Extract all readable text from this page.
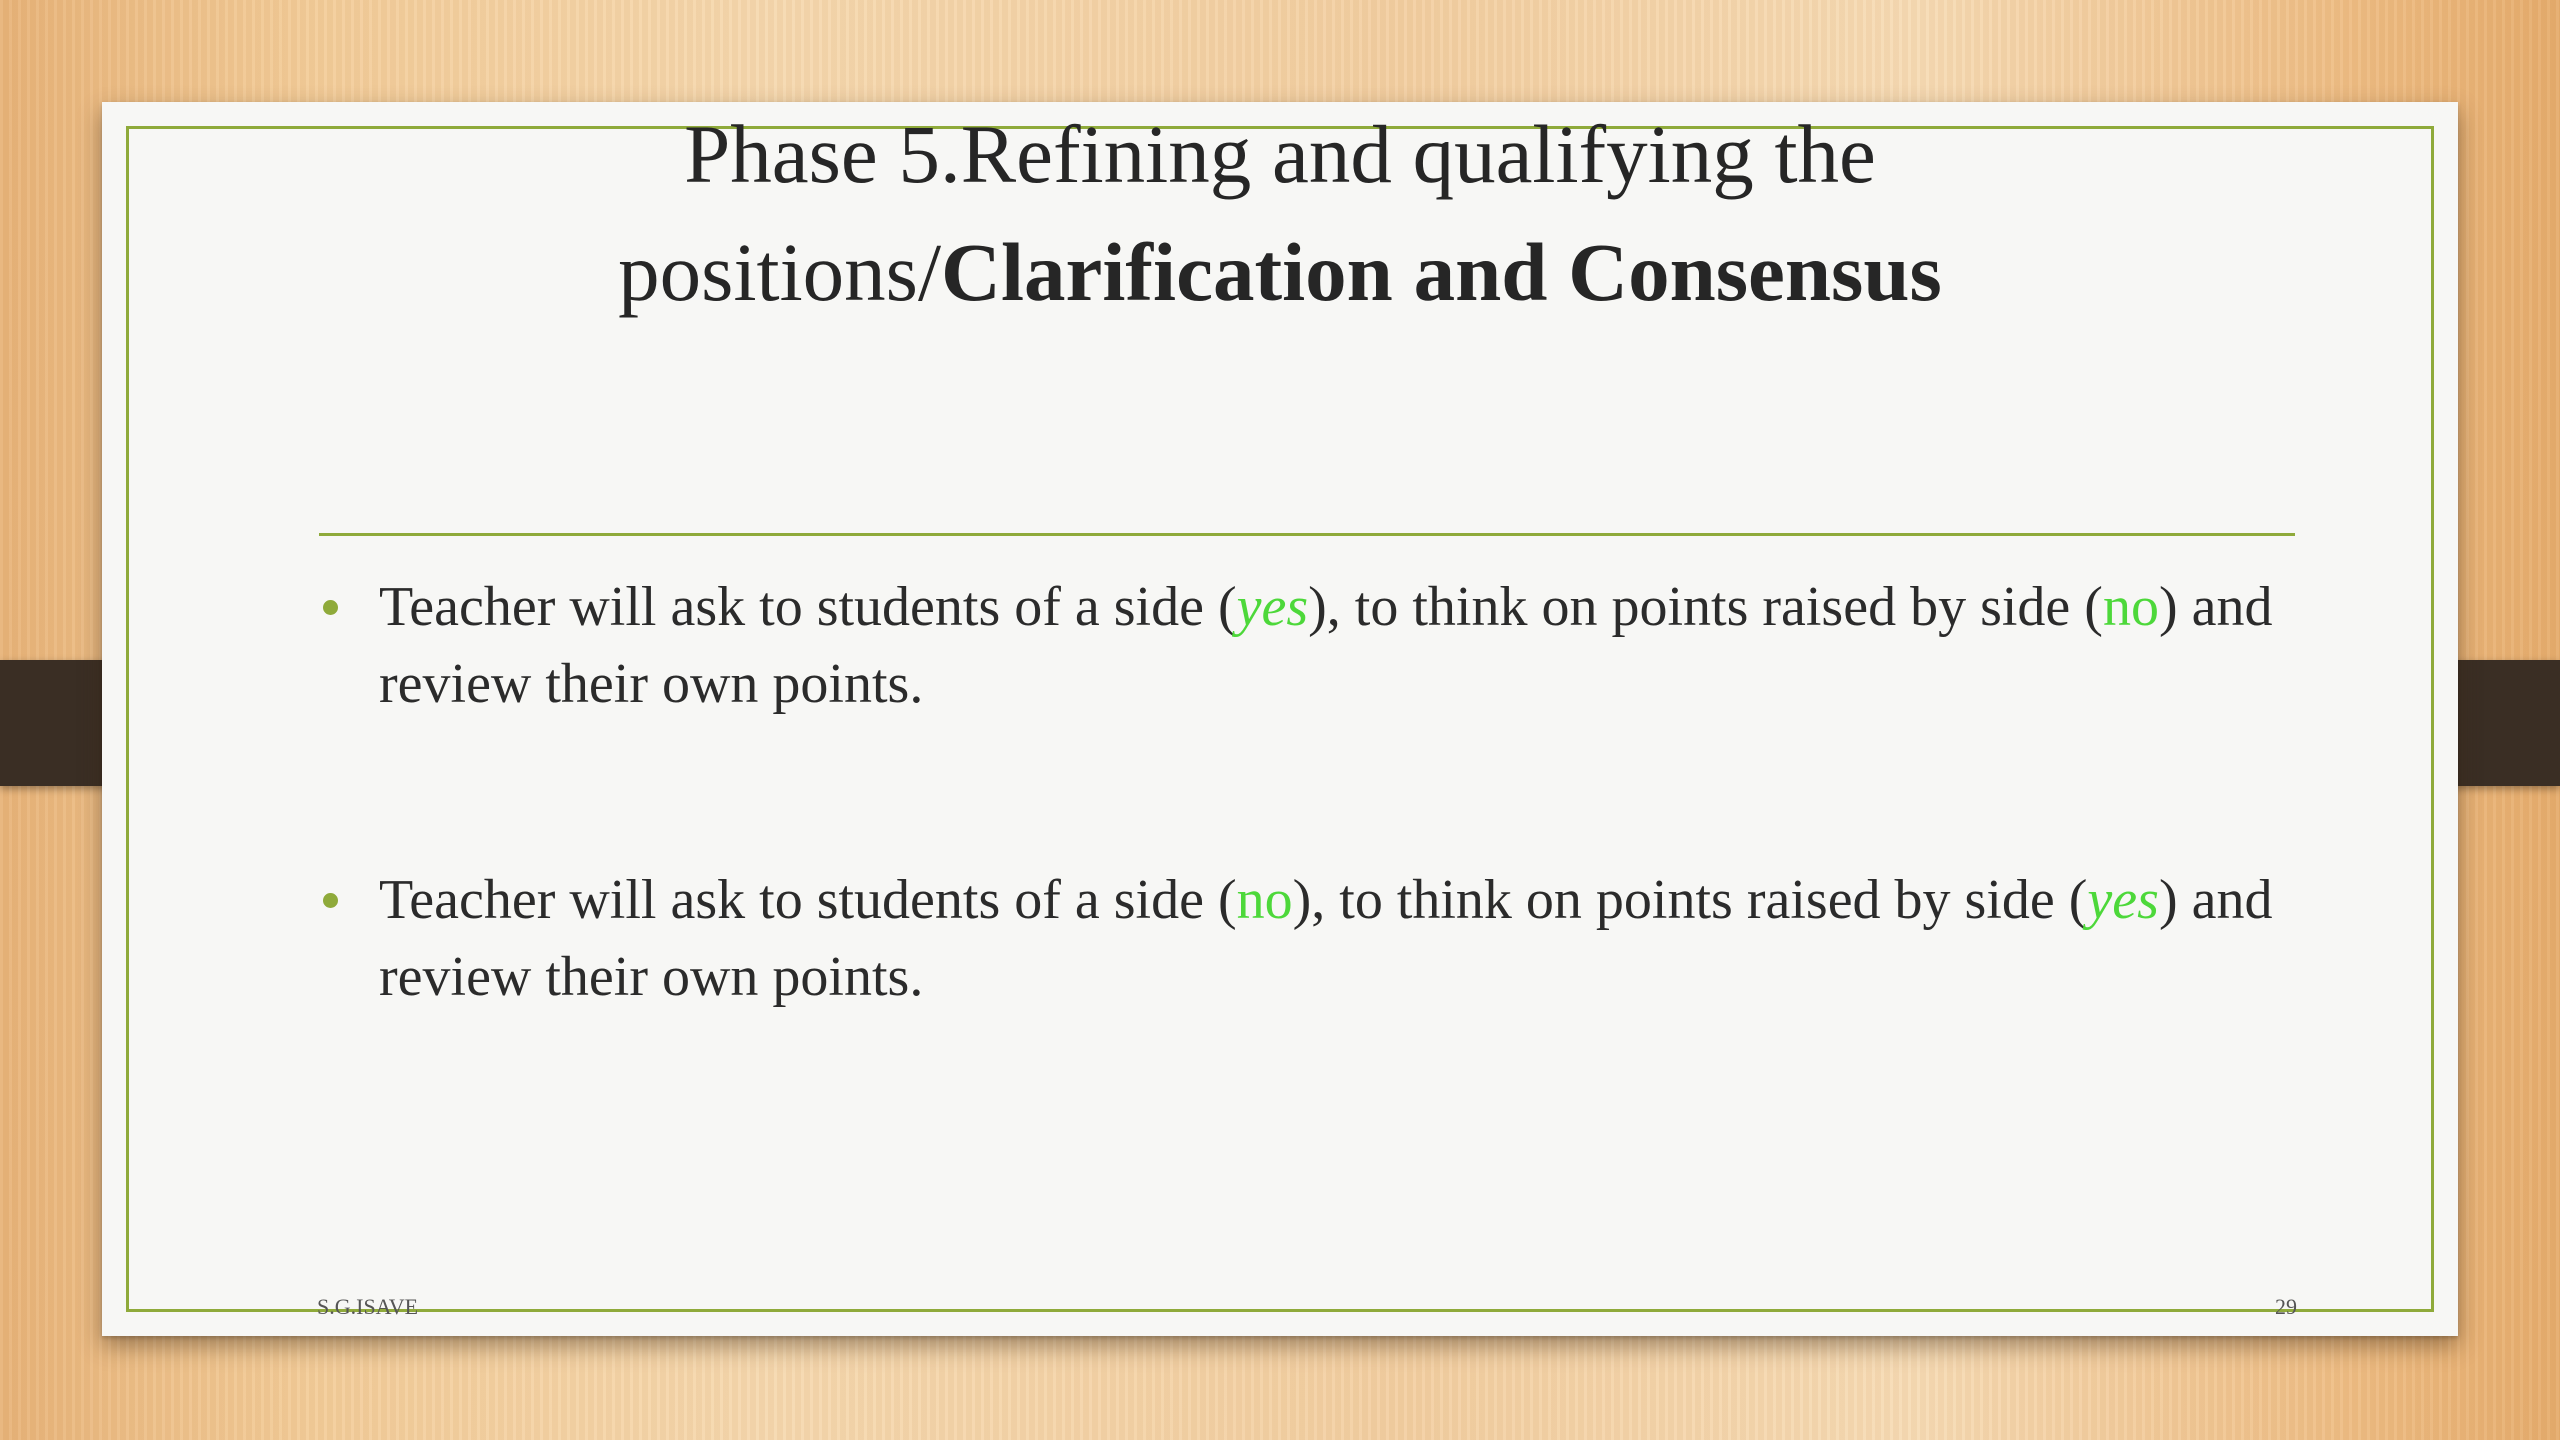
Phase 5.Refining and qualifying the
positions/Clarification and Consensus
Teacher will ask to students of a side (yes), to think on points raised by side (no) and review their own points.
Teacher will ask to students of a side (no), to think on points raised by side (yes) and review their own points.
S.G.ISAVE	29
